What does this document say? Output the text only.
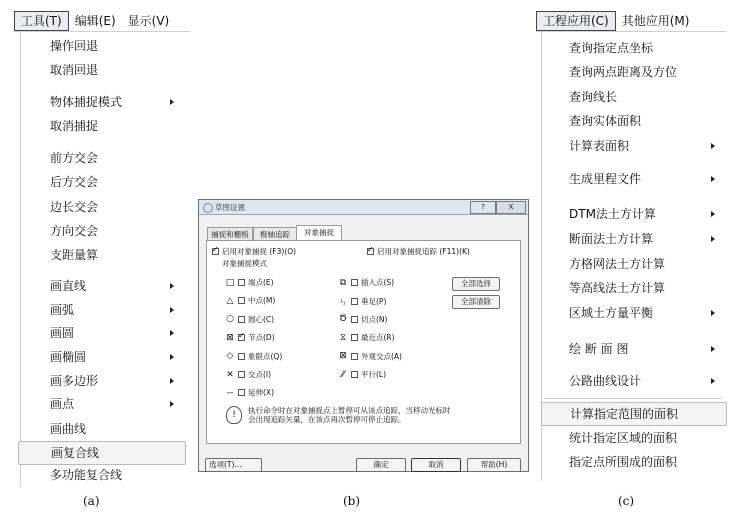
工具(T)	编辑(E)	显示(V)
操作回退
取消回退
物体捕捉模式
取消捕捉
前方交会
后方交会
边长交会
方向交会
支距量算
画直线
画弧
画圆
画椭圆
画多边形
画点
画曲线
画复合线
多功能复合线
(a)
草图设置	?	X
捕捉和栅格	极轴追踪	对象捕捉
✓
启用对象捕捉 (F3)(O) ✓	启用对象捕捉追踪 (F11)(K)
对象捕捉模式
□ 端点(E)
△ 中点(M)
○ 圆心(C)
⊠ ✓ 节点(D)
◇ 象限点(Q)
✕ 交点(I)
-- 延伸(X)
⧉ 插入点(S)
ㄣ 垂足(P)
Ծ 切点(N)
⧖ 最近点(R)
⊠ 外观交点(A)
⁄⁄	平行(L)
全部选择
全部清除
!	执行命令时在对象捕捉点上暂停可从该点追踪，当移动光标时
会出现追踪矢量，在该点再次暂停可停止追踪。
选项(T)...	确定	取消	帮助(H)
(b)
工程应用(C)	其他应用(M)
查询指定点坐标
查询两点距离及方位
查询线长
查询实体面积
计算表面积
生成里程文件
DTM法土方计算
断面法土方计算
方格网法土方计算
等高线法土方计算
区域土方量平衡
绘 断 面 图
公路曲线设计
计算指定范围的面积
统计指定区域的面积
指定点所围成的面积
(c)
